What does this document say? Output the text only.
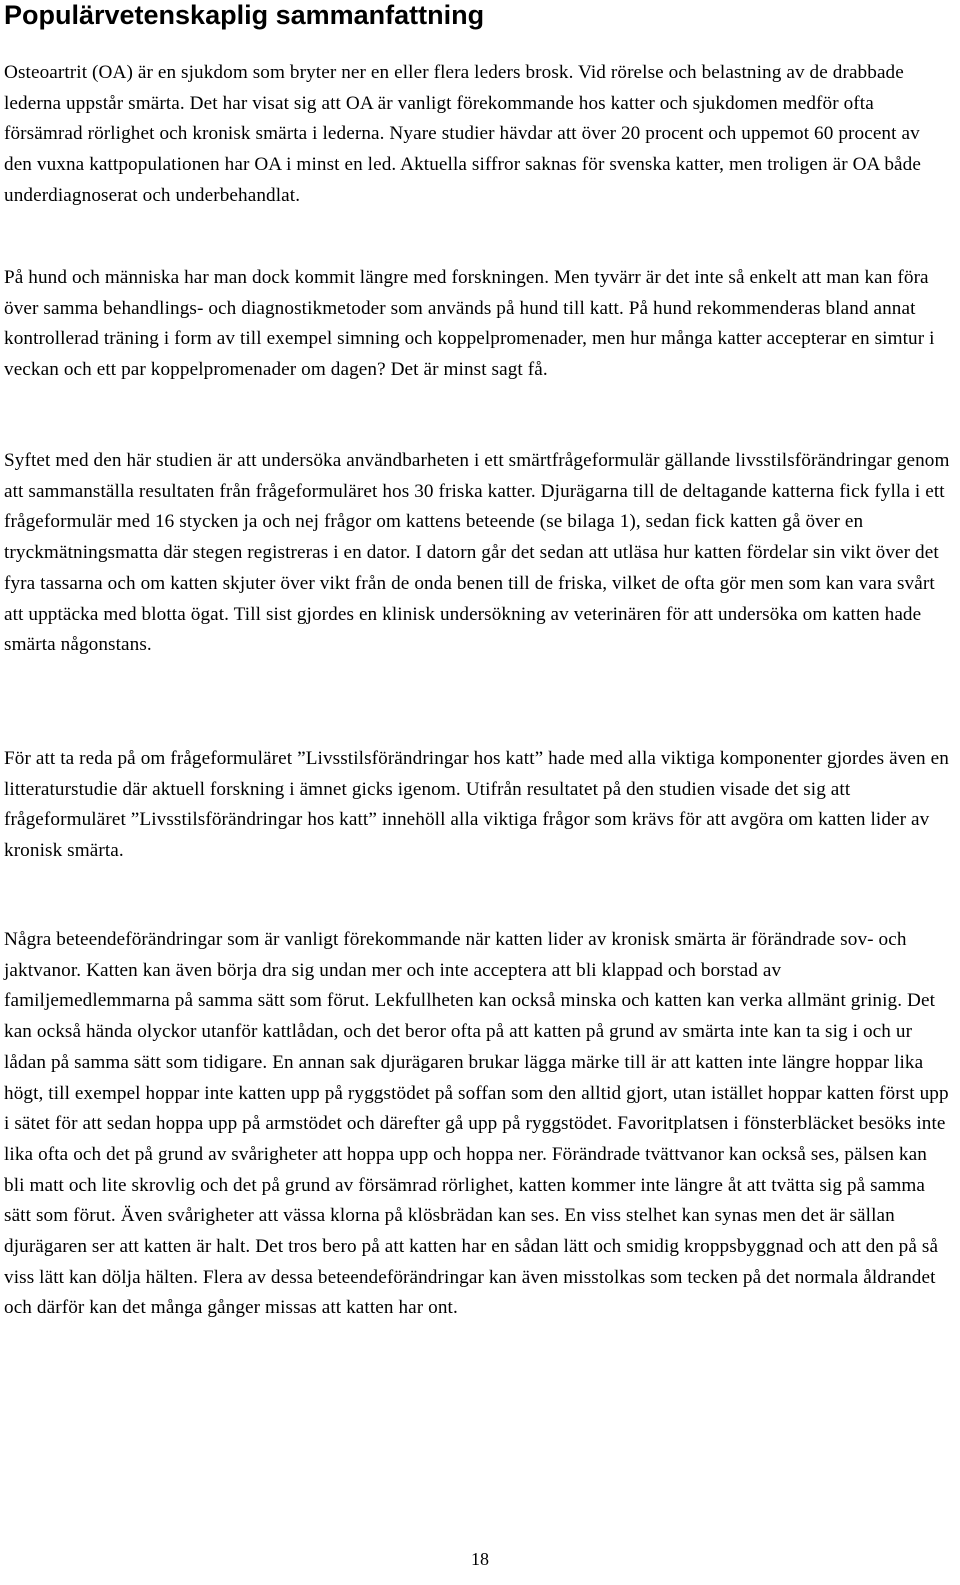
Populärvetenskaplig sammanfattning

Osteoartrit (OA) är en sjukdom som bryter ner en eller flera leders brosk. Vid rörelse och belastning av de drabbade lederna uppstår smärta. Det har visat sig att OA är vanligt förekommande hos katter och sjukdomen medför ofta försämrad rörlighet och kronisk smärta i lederna. Nyare studier hävdar att över 20 procent och uppemot 60 procent av den vuxna kattpopulationen har OA i minst en led. Aktuella siffror saknas för svenska katter, men troligen är OA både underdiagnoserat och underbehandlat.

På hund och människa har man dock kommit längre med forskningen. Men tyvärr är det inte så enkelt att man kan föra över samma behandlings- och diagnostikmetoder som används på hund till katt. På hund rekommenderas bland annat kontrollerad träning i form av till exempel simning och koppelpromenader, men hur många katter accepterar en simtur i veckan och ett par koppelpromenader om dagen? Det är minst sagt få.

Syftet med den här studien är att undersöka användbarheten i ett smärtfrågeformulär gällande livsstilsförändringar genom att sammanställa resultaten från frågeformuläret hos 30 friska katter. Djurägarna till de deltagande katterna fick fylla i ett frågeformulär med 16 stycken ja och nej frågor om kattens beteende (se bilaga 1), sedan fick katten gå över en tryckmätningsmatta där stegen registreras i en dator. I datorn går det sedan att utläsa hur katten fördelar sin vikt över det fyra tassarna och om katten skjuter över vikt från de onda benen till de friska, vilket de ofta gör men som kan vara svårt att upptäcka med blotta ögat. Till sist gjordes en klinisk undersökning av veterinären för att undersöka om katten hade smärta någonstans.

För att ta reda på om frågeformuläret ”Livsstilsförändringar hos katt” hade med alla viktiga komponenter gjordes även en litteraturstudie där aktuell forskning i ämnet gicks igenom. Utifrån resultatet på den studien visade det sig att frågeformuläret ”Livsstilsförändringar hos katt” innehöll alla viktiga frågor som krävs för att avgöra om katten lider av kronisk smärta.

Några beteendeförändringar som är vanligt förekommande när katten lider av kronisk smärta är förändrade sov- och jaktvanor. Katten kan även börja dra sig undan mer och inte acceptera att bli klappad och borstad av familjemedlemmarna på samma sätt som förut. Lekfullheten kan också minska och katten kan verka allmänt grinig. Det kan också hända olyckor utanför kattlådan, och det beror ofta på att katten på grund av smärta inte kan ta sig i och ur lådan på samma sätt som tidigare. En annan sak djurägaren brukar lägga märke till är att katten inte längre hoppar lika högt, till exempel hoppar inte katten upp på ryggstödet på soffan som den alltid gjort, utan istället hoppar katten först upp i sätet för att sedan hoppa upp på armstödet och därefter gå upp på ryggstödet. Favoritplatsen i fönsterbläcket besöks inte lika ofta och det på grund av svårigheter att hoppa upp och hoppa ner. Förändrade tvättvanor kan också ses, pälsen kan bli matt och lite skrovlig och det på grund av försämrad rörlighet, katten kommer inte längre åt att tvätta sig på samma sätt som förut. Även svårigheter att vässa klorna på klösbrädan kan ses. En viss stelhet kan synas men det är sällan djurägaren ser att katten är halt. Det tros bero på att katten har en sådan lätt och smidig kroppsbyggnad och att den på så viss lätt kan dölja hälten. Flera av dessa beteendeförändringar kan även misstolkas som tecken på det normala åldrandet och därför kan det många gånger missas att katten har ont.

18
